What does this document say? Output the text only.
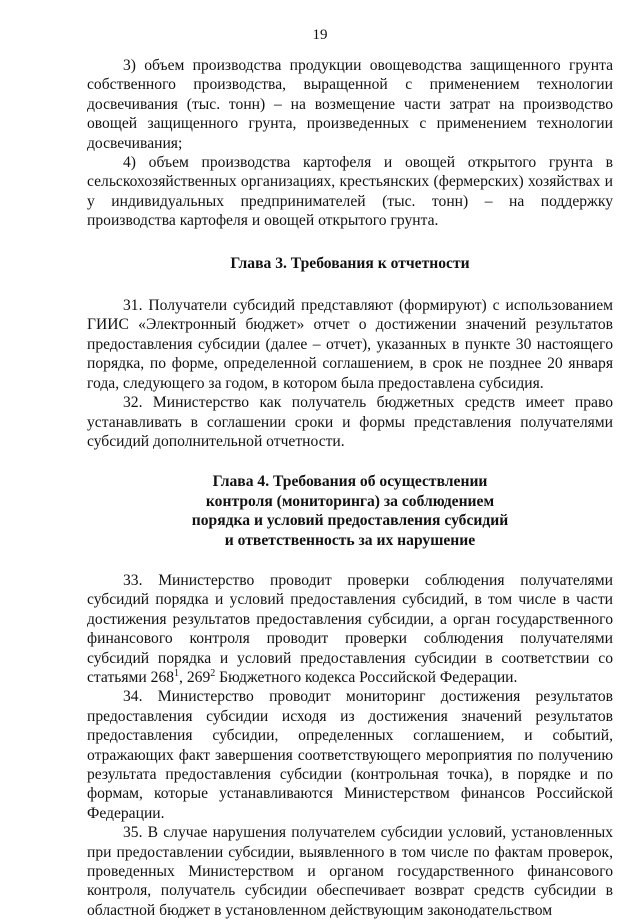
19

3) объем производства продукции овощеводства защищенного грунта собственного производства, выращенной с применением технологии досвечивания (тыс. тонн) – на возмещение части затрат на производство овощей защищенного грунта, произведенных с применением технологии досвечивания;

4) объем производства картофеля и овощей открытого грунта в сельскохозяйственных организациях, крестьянских (фермерских) хозяйствах и у индивидуальных предпринимателей (тыс. тонн) – на поддержку производства картофеля и овощей открытого грунта.

Глава 3. Требования к отчетности

31. Получатели субсидий представляют (формируют) с использованием ГИИС «Электронный бюджет» отчет о достижении значений результатов предоставления субсидии (далее – отчет), указанных в пункте 30 настоящего порядка, по форме, определенной соглашением, в срок не позднее 20 января года, следующего за годом, в котором была предоставлена субсидия.

32. Министерство как получатель бюджетных средств имеет право устанавливать в соглашении сроки и формы представления получателями субсидий дополнительной отчетности.

Глава 4. Требования об осуществлении
контроля (мониторинга) за соблюдением
порядка и условий предоставления субсидий
и ответственность за их нарушение

33. Министерство проводит проверки соблюдения получателями субсидий порядка и условий предоставления субсидий, в том числе в части достижения результатов предоставления субсидии, а орган государственного финансового контроля проводит проверки соблюдения получателями субсидий порядка и условий предоставления субсидии в соответствии со статьями $268^1$, $269^2$ Бюджетного кодекса Российской Федерации.

34. Министерство проводит мониторинг достижения результатов предоставления субсидии исходя из достижения значений результатов предоставления субсидии, определенных соглашением, и событий, отражающих факт завершения соответствующего мероприятия по получению результата предоставления субсидии (контрольная точка), в порядке и по формам, которые устанавливаются Министерством финансов Российской Федерации.

35. В случае нарушения получателем субсидии условий, установленных при предоставлении субсидии, выявленного в том числе по фактам проверок, проведенных Министерством и органом государственного финансового контроля, получатель субсидии обеспечивает возврат средств субсидии в областной бюджет в установленном действующим законодательством
